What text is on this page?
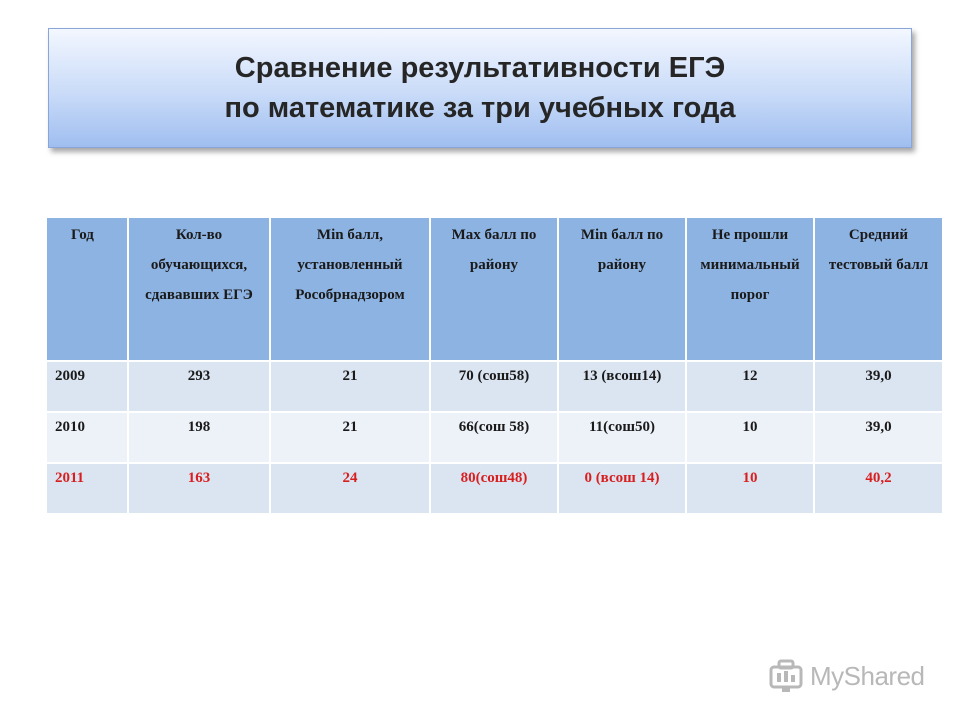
Сравнение результативности ЕГЭ
по математике за три учебных года
Год	Кол-во обучающихся, сдававших ЕГЭ	Min балл, установленный Рособрнадзором	Max балл по району	Min балл по району	Не прошли минимальный порог	Средний тестовый балл
2009	293	21	70 (сош58)	13 (всош14)	12	39,0
2010	198	21	66(сош 58)	11(сош50)	10	39,0
2011	163	24	80(сош48)	0 (всош 14)	10	40,2
MyShared
